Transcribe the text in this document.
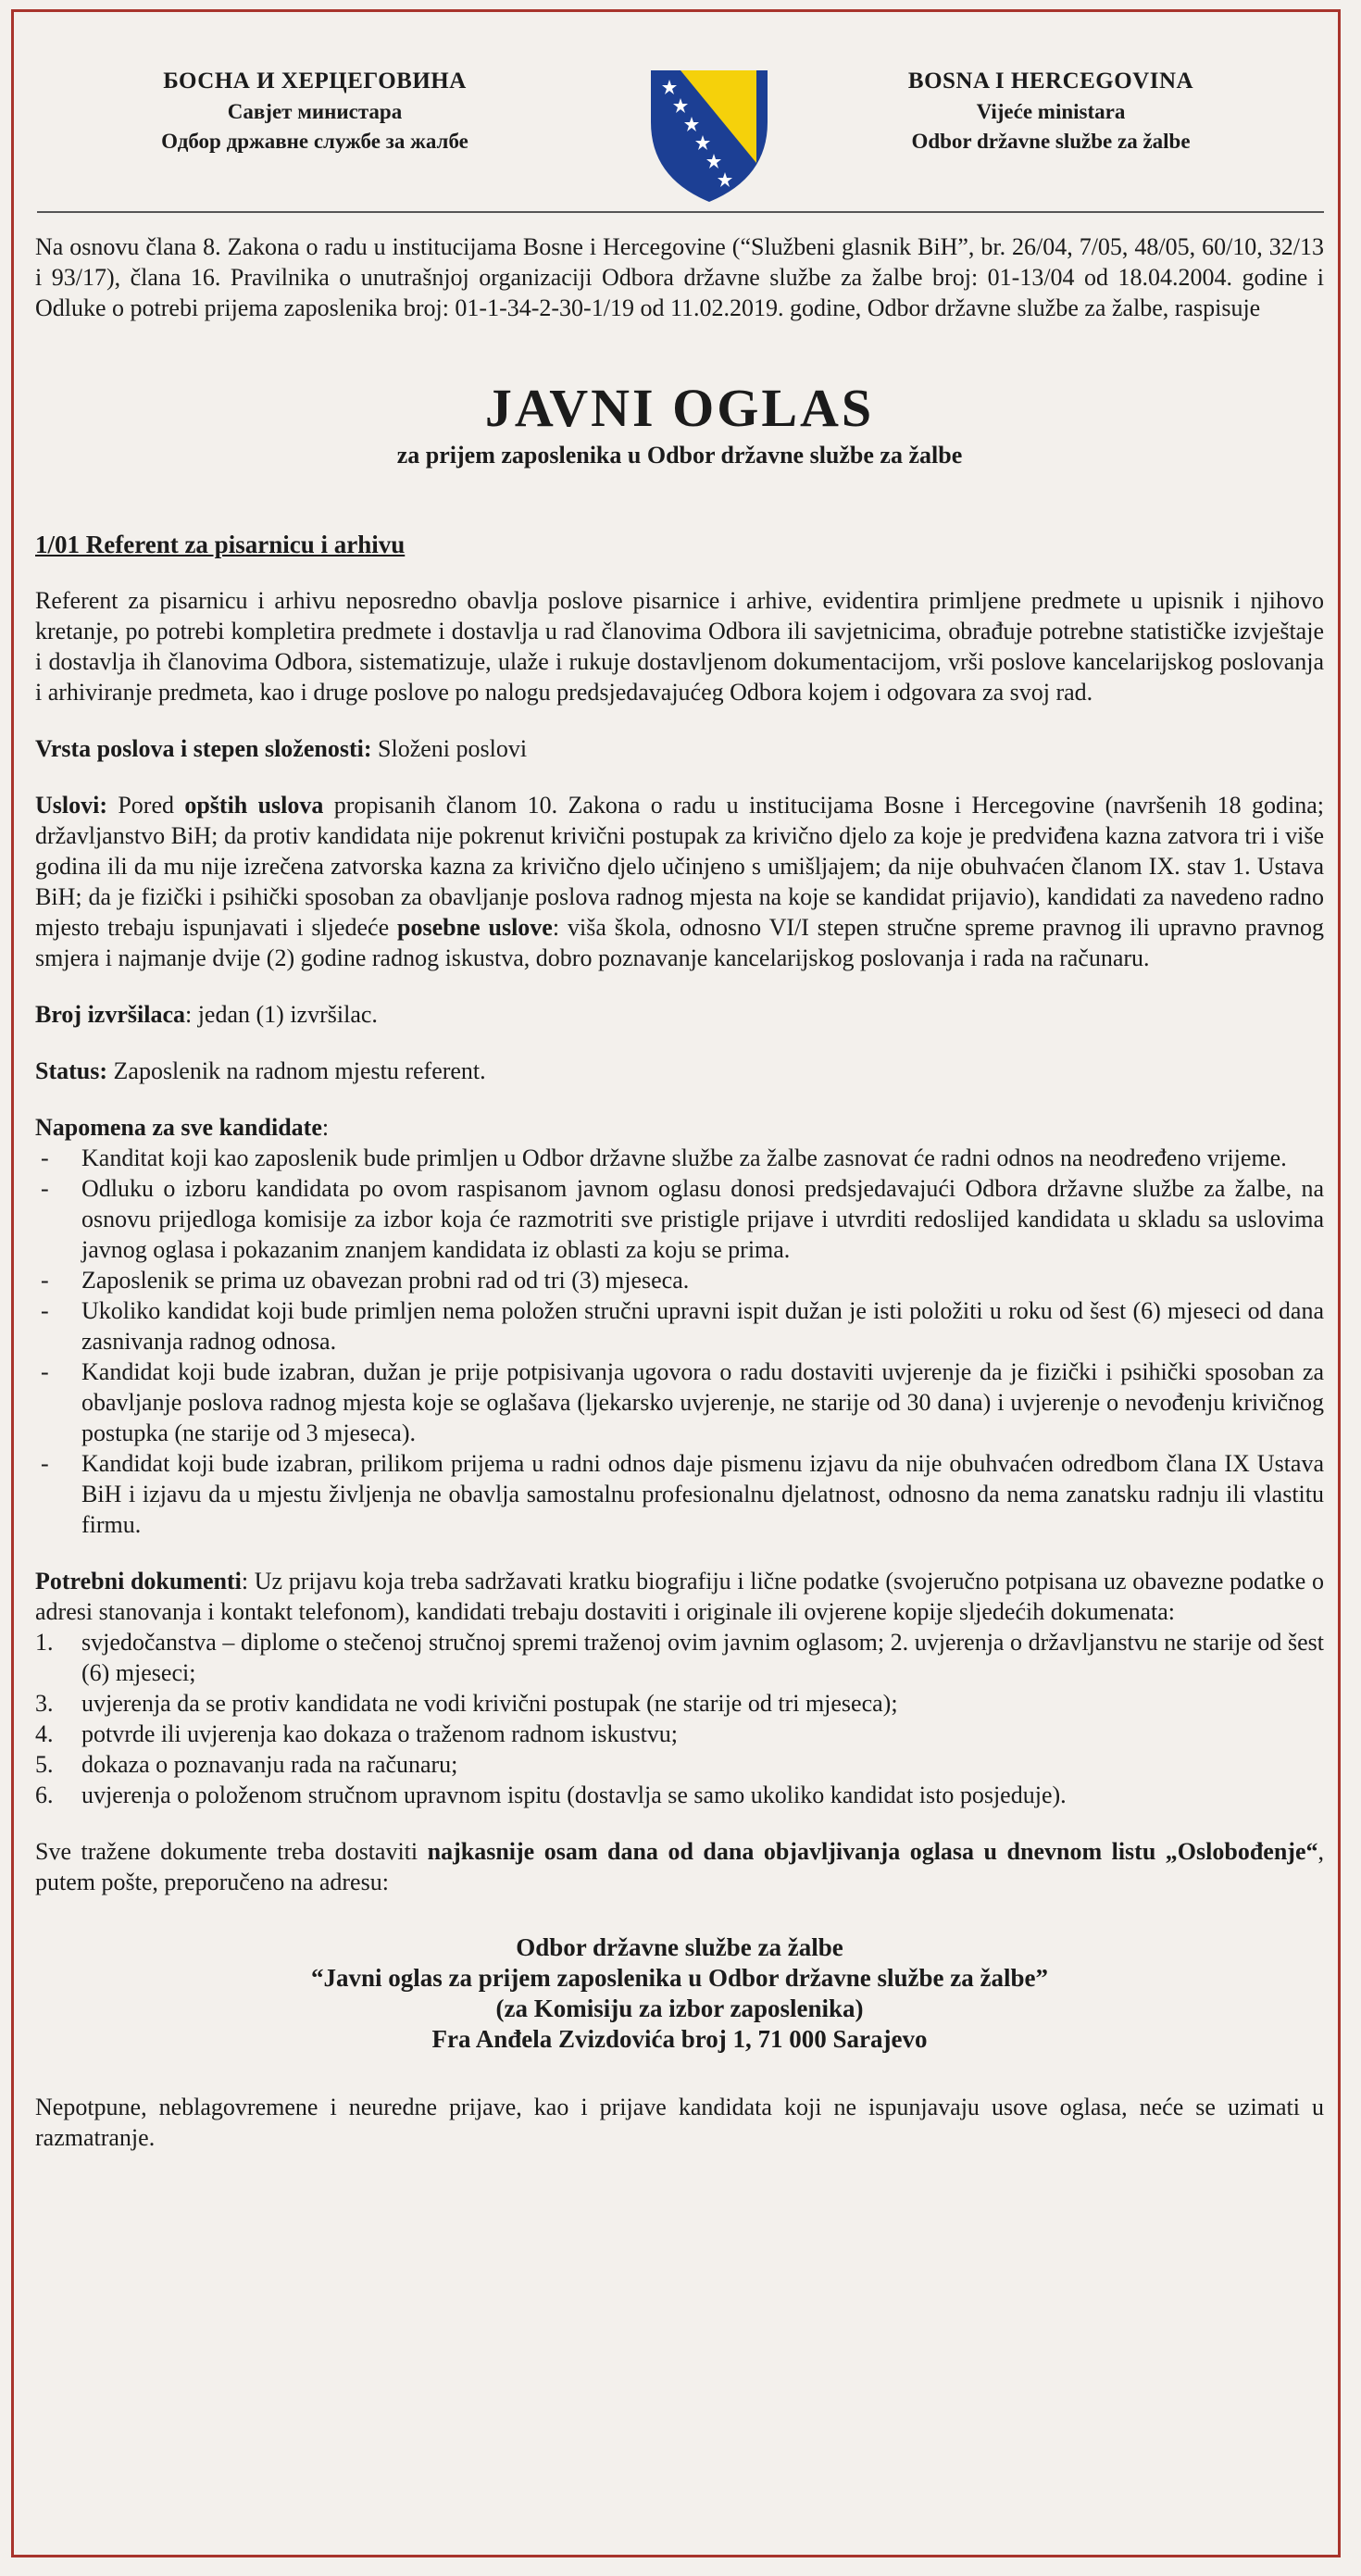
БОСНА И ХЕРЦЕГОВИНА
Савјет министара
Одбор државне службе за жалбе
BOSNA I HERCEGOVINA
Vijeće ministara
Odbor državne službe za žalbe

Na osnovu člana 8. Zakona o radu u institucijama Bosne i Hercegovine (“Službeni glasnik BiH”, br. 26/04, 7/05, 48/05, 60/10, 32/13 i 93/17), člana 16. Pravilnika o unutrašnjoj organizaciji Odbora državne službe za žalbe broj: 01-13/04 od 18.04.2004. godine i Odluke o potrebi prijema zaposlenika broj: 01-1-34-2-30-1/19 od 11.02.2019. godine, Odbor državne službe za žalbe, raspisuje

JAVNI OGLAS
za prijem zaposlenika u Odbor državne službe za žalbe
1/01 Referent za pisarnicu i arhivu

Referent za pisarnicu i arhivu neposredno obavlja poslove pisarnice i arhive, evidentira primljene predmete u upisnik i njihovo kretanje, po potrebi kompletira predmete i dostavlja u rad članovima Odbora ili savjetnicima, obrađuje potrebne statističke izvještaje i dostavlja ih članovima Odbora, sistematizuje, ulaže i rukuje dostavljenom dokumentacijom, vrši poslove kancelarijskog poslovanja i arhiviranje predmeta, kao i druge poslove po nalogu predsjedavajućeg Odbora kojem i odgovara za svoj rad.

Vrsta poslova i stepen složenosti: Složeni poslovi

Uslovi: Pored opštih uslova propisanih članom 10. Zakona o radu u institucijama Bosne i Hercegovine (navršenih 18 godina; državljanstvo BiH; da protiv kandidata nije pokrenut krivični postupak za krivično djelo za koje je predviđena kazna zatvora tri i više godina ili da mu nije izrečena zatvorska kazna za krivično djelo učinjeno s umišljajem; da nije obuhvaćen članom IX. stav 1. Ustava BiH; da je fizički i psihički sposoban za obavljanje poslova radnog mjesta na koje se kandidat prijavio), kandidati za navedeno radno mjesto trebaju ispunjavati i sljedeće posebne uslove: viša škola, odnosno VI/I stepen stručne spreme pravnog ili upravno pravnog smjera i najmanje dvije (2) godine radnog iskustva, dobro poznavanje kancelarijskog poslovanja i rada na računaru.

Broj izvršilaca: jedan (1) izvršilac.

Status: Zaposlenik na radnom mjestu referent.

Napomena za sve kandidate:

- Kanditat koji kao zaposlenik bude primljen u Odbor državne službe za žalbe zasnovat će radni odnos na neodređeno vrijeme.
- Odluku o izboru kandidata po ovom raspisanom javnom oglasu donosi predsjedavajući Odbora državne službe za žalbe, na osnovu prijedloga komisije za izbor koja će razmotriti sve pristigle prijave i utvrditi redoslijed kandidata u skladu sa uslovima javnog oglasa i pokazanim znanjem kandidata iz oblasti za koju se prima.
- Zaposlenik se prima uz obavezan probni rad od tri (3) mjeseca.
- Ukoliko kandidat koji bude primljen nema položen stručni upravni ispit dužan je isti položiti u roku od šest (6) mjeseci od dana zasnivanja radnog odnosa.
- Kandidat koji bude izabran, dužan je prije potpisivanja ugovora o radu dostaviti uvjerenje da je fizički i psihički sposoban za obavljanje poslova radnog mjesta koje se oglašava (ljekarsko uvjerenje, ne starije od 30 dana) i uvjerenje o nevođenju krivičnog postupka (ne starije od 3 mjeseca).
- Kandidat koji bude izabran, prilikom prijema u radni odnos daje pismenu izjavu da nije obuhvaćen odredbom člana IX Ustava BiH i izjavu da u mjestu življenja ne obavlja samostalnu profesionalnu djelatnost, odnosno da nema zanatsku radnju ili vlastitu firmu.

Potrebni dokumenti: Uz prijavu koja treba sadržavati kratku biografiju i lične podatke (svojeručno potpisana uz obavezne podatke o adresi stanovanja i kontakt telefonom), kandidati trebaju dostaviti i originale ili ovjerene kopije sljedećih dokumenata:

1. svjedočanstva – diplome o stečenoj stručnoj spremi traženoj ovim javnim oglasom; 2. uvjerenja o državljanstvu ne starije od šest (6) mjeseci;
3. uvjerenja da se protiv kandidata ne vodi krivični postupak (ne starije od tri mjeseca);
4. potvrde ili uvjerenja kao dokaza o traženom radnom iskustvu;
5. dokaza o poznavanju rada na računaru;
6. uvjerenja o položenom stručnom upravnom ispitu (dostavlja se samo ukoliko kandidat isto posjeduje).

Sve tražene dokumente treba dostaviti najkasnije osam dana od dana objavljivanja oglasa u dnevnom listu „Oslobođenje“, putem pošte, preporučeno na adresu:

Odbor državne službe za žalbe
“Javni oglas za prijem zaposlenika u Odbor državne službe za žalbe”
(za Komisiju za izbor zaposlenika)
Fra Anđela Zvizdovića broj 1, 71 000 Sarajevo

Nepotpune, neblagovremene i neuredne prijave, kao i prijave kandidata koji ne ispunjavaju usove oglasa, neće se uzimati u razmatranje.
